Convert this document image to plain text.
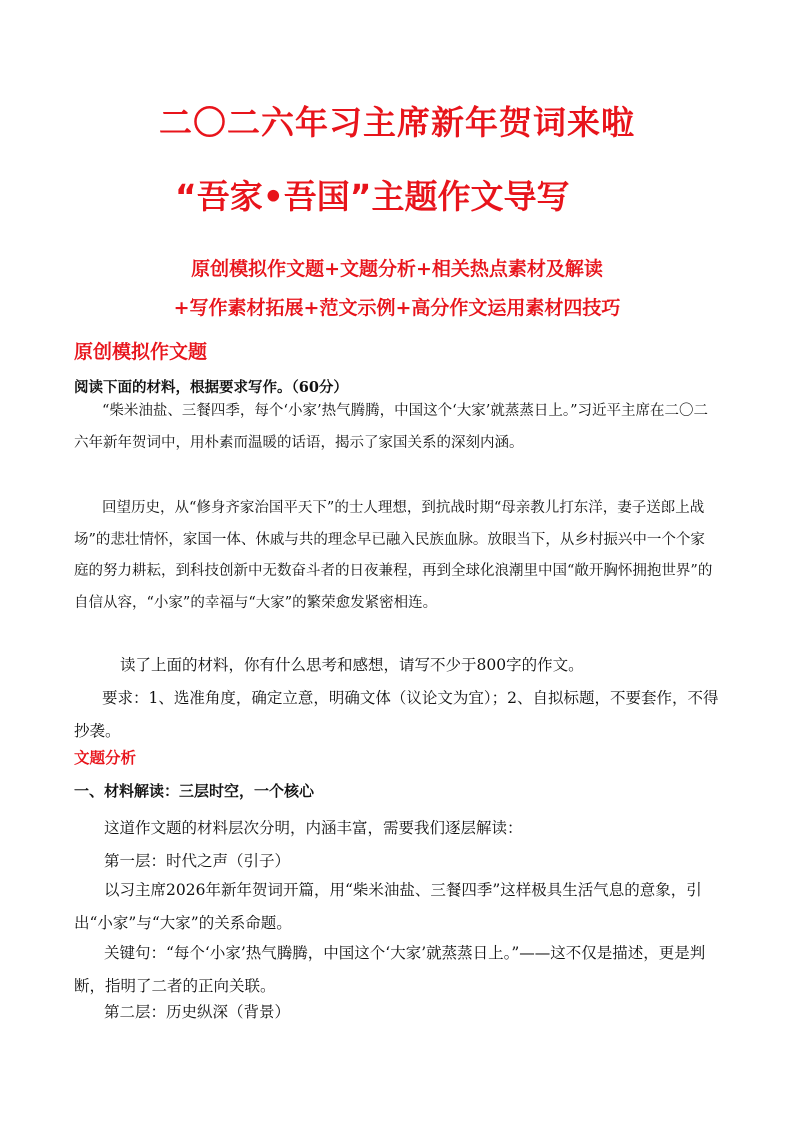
二〇二六年习主席新年贺词来啦
“吾家•吾国”主题作文导写
原创模拟作文题+文题分析+相关热点素材及解读
+写作素材拓展+范文示例+高分作文运用素材四技巧
原创模拟作文题
阅读下面的材料，根据要求写作。（60分）
“柴米油盐、三餐四季，每个‘小家’热气腾腾，中国这个‘大家’就蒸蒸日上。”习近平主席在二〇二六年新年贺词中，用朴素而温暖的话语，揭示了家国关系的深刻内涵。
回望历史，从“修身齐家治国平天下”的士人理想，到抗战时期“母亲教儿打东洋，妻子送郎上战场”的悲壮情怀，家国一体、休戚与共的理念早已融入民族血脉。放眼当下，从乡村振兴中一个个家庭的努力耕耘，到科技创新中无数奋斗者的日夜兼程，再到全球化浪潮里中国“敞开胸怀拥抱世界”的自信从容，“小家”的幸福与“大家”的繁荣愈发紧密相连。
读了上面的材料，你有什么思考和感想，请写不少于800字的作文。
要求：1、选准角度，确定立意，明确文体（议论文为宜）；2、自拟标题，不要套作，不得抄袭。
文题分析
一、材料解读：三层时空，一个核心
这道作文题的材料层次分明，内涵丰富，需要我们逐层解读：
第一层：时代之声（引子）
以习主席2026年新年贺词开篇，用“柴米油盐、三餐四季”这样极具生活气息的意象，引出“小家”与“大家”的关系命题。
关键句：“每个‘小家’热气腾腾，中国这个‘大家’就蒸蒸日上。”——这不仅是描述，更是判断，指明了二者的正向关联。
第二层：历史纵深（背景）
